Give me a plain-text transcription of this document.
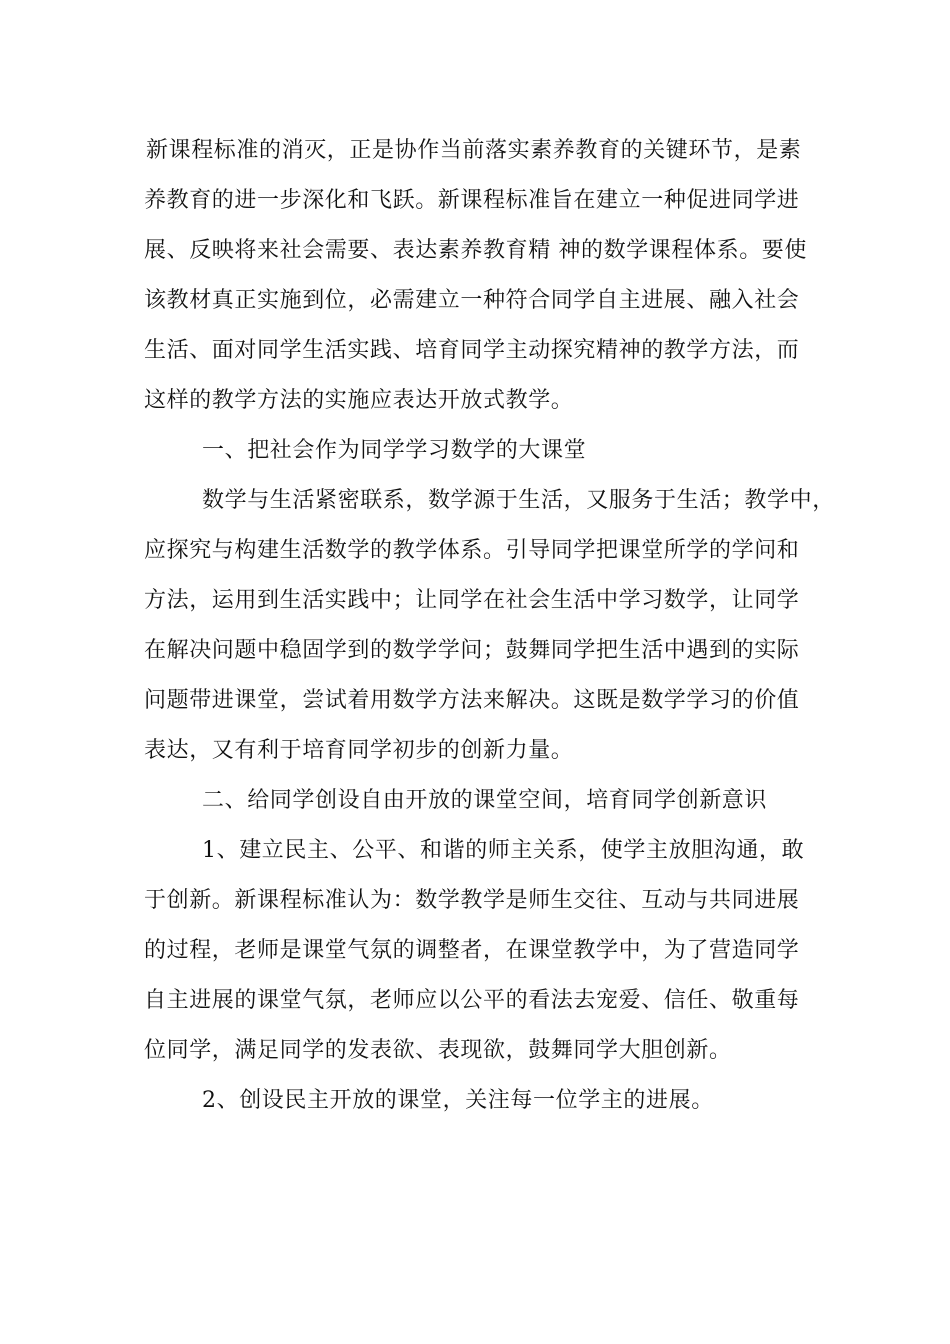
新课程标准的消灭，正是协作当前落实素养教育的关键环节，是素
养教育的进一步深化和飞跃。新课程标准旨在建立一种促进同学进
展、反映将来社会需要、表达素养教育精 神的数学课程体系。要使
该教材真正实施到位，必需建立一种符合同学自主进展、融入社会
生活、面对同学生活实践、培育同学主动探究精神的教学方法，而
这样的教学方法的实施应表达开放式教学。
一、把社会作为同学学习数学的大课堂
数学与生活紧密联系，数学源于生活，又服务于生活；教学中，
应探究与构建生活数学的教学体系。引导同学把课堂所学的学问和
方法，运用到生活实践中；让同学在社会生活中学习数学，让同学
在解决问题中稳固学到的数学学问；鼓舞同学把生活中遇到的实际
问题带进课堂，尝试着用数学方法来解决。这既是数学学习的价值
表达，又有利于培育同学初步的创新力量。
二、给同学创设自由开放的课堂空间，培育同学创新意识
1、建立民主、公平、和谐的师主关系，使学主放胆沟通，敢
于创新。新课程标准认为：数学教学是师生交往、互动与共同进展
的过程，老师是课堂气氛的调整者，在课堂教学中，为了营造同学
自主进展的课堂气氛，老师应以公平的看法去宠爱、信任、敬重每
位同学，满足同学的发表欲、表现欲，鼓舞同学大胆创新。
2、创设民主开放的课堂，关注每一位学主的进展。
